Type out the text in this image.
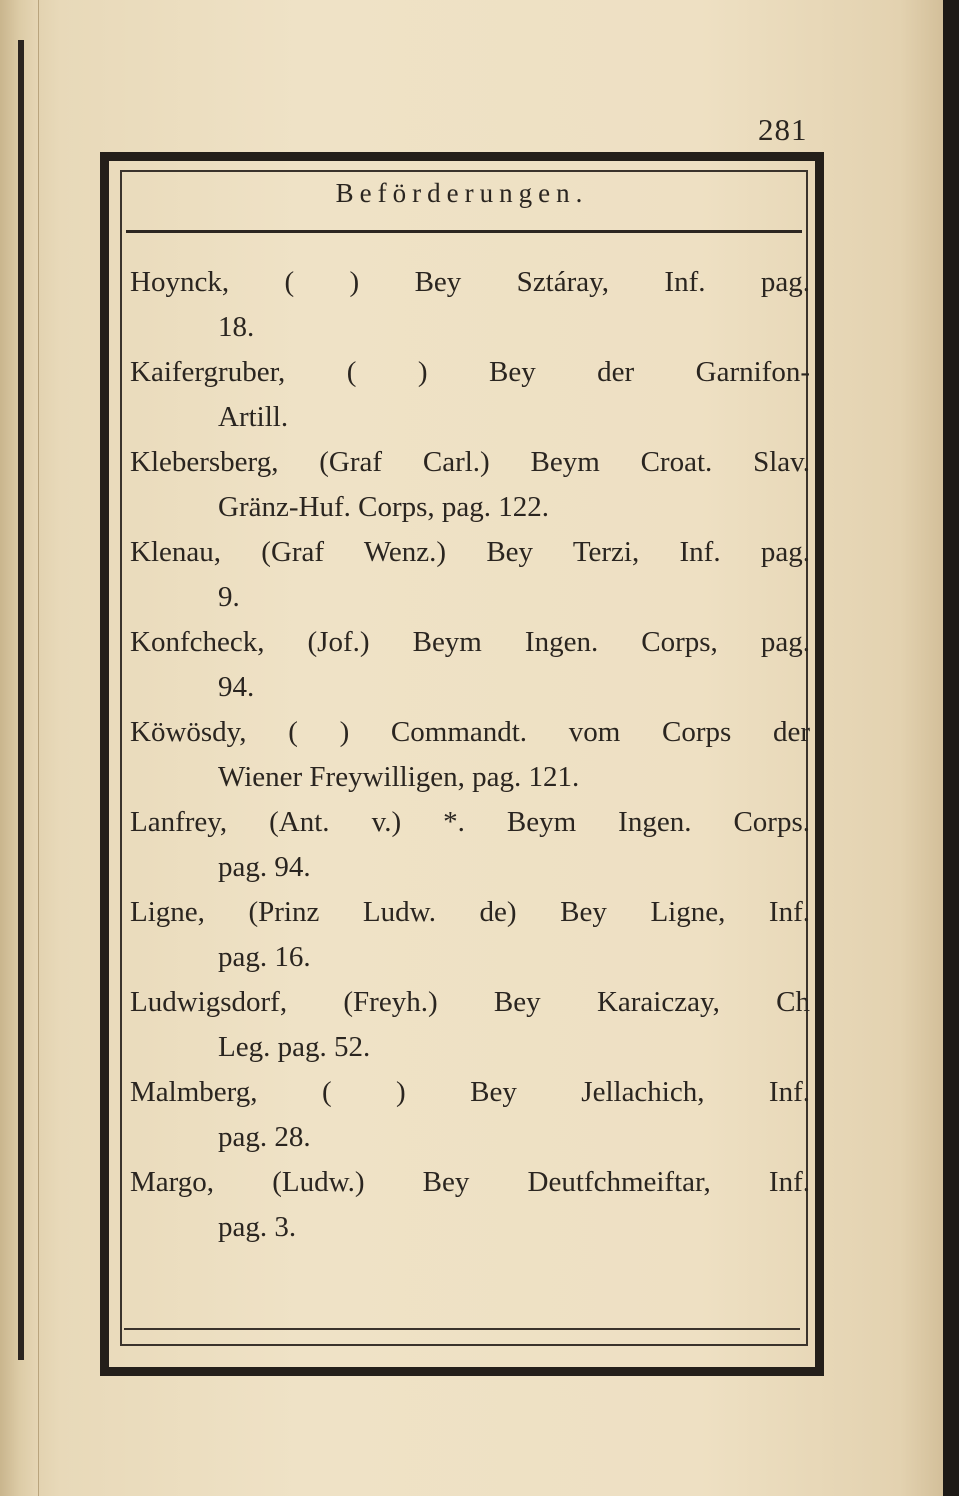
281
Beförderungen.

Hoynck, ( ) Bey Sztáray, Inf. pag.
18.

Kaifergruber, ( ) Bey der Garnifon-
Artill.

Klebersberg, (Graf Carl.) Beym Croat. Slav.
Gränz-Huf. Corps, pag. 122.

Klenau, (Graf Wenz.) Bey Terzi, Inf. pag.
9.

Konfcheck, (Jof.) Beym Ingen. Corps, pag.
94.

Köwösdy, ( ) Commandt. vom Corps der
Wiener Freywilligen, pag. 121.

Lanfrey, (Ant. v.) *. Beym Ingen. Corps.
pag. 94.

Ligne, (Prinz Ludw. de) Bey Ligne, Inf.
pag. 16.

Ludwigsdorf, (Freyh.) Bey Karaiczay, Ch
Leg. pag. 52.

Malmberg, ( ) Bey Jellachich, Inf.
pag. 28.

Margo, (Ludw.) Bey Deutfchmeiftar, Inf.
pag. 3.
